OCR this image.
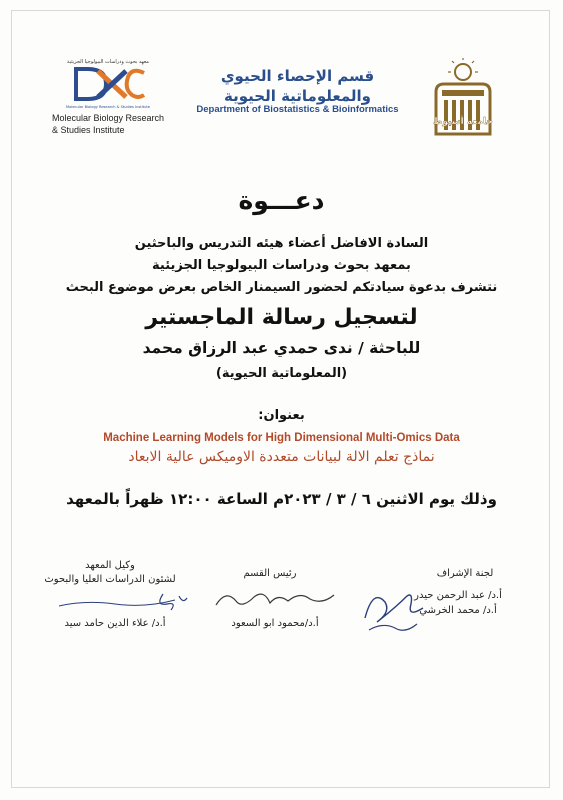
معهد بحوث ودراسات البيولوجيا الجزيئية
Molecular Biology Research & Studies Institute
Molecular Biology Research
& Studies Institute
قسم الإحصاء الحيوي
والمعلوماتية الحيوية
Department of Biostatistics & Bioinformatics
جامعة أسيوط
دعـــوة
السادة الافاضل أعضاء هيئه التدريس والباحثين
بمعهد بحوث ودراسات البيولوجيا الجزيئية
نتشرف بدعوة سيادتكم لحضور السيمنار الخاص بعرض موضوع البحث
لتسجيل رسالة الماجستير
للباحثة / ندى حمدي عبد الرزاق محمد
(المعلوماتية الحيوية)
بعنوان:
Machine Learning Models for High Dimensional Multi-Omics Data
نماذج تعلم الالة لبيانات متعددة الاوميكس عالية الابعاد
وذلك يوم الاثنين ٦ / ٣ / ٢٠٢٣م الساعة ١٢:٠٠ ظهراً بالمعهد
لجنة الإشراف
أ.د/ عبد الرحمن حيدر
أ.د/ محمد الخرشي
رئيس القسم
أ.د/محمود ابو السعود
وكيل المعهد
لشئون الدراسات العليا والبحوث
أ.د/ علاء الدين حامد سيد
